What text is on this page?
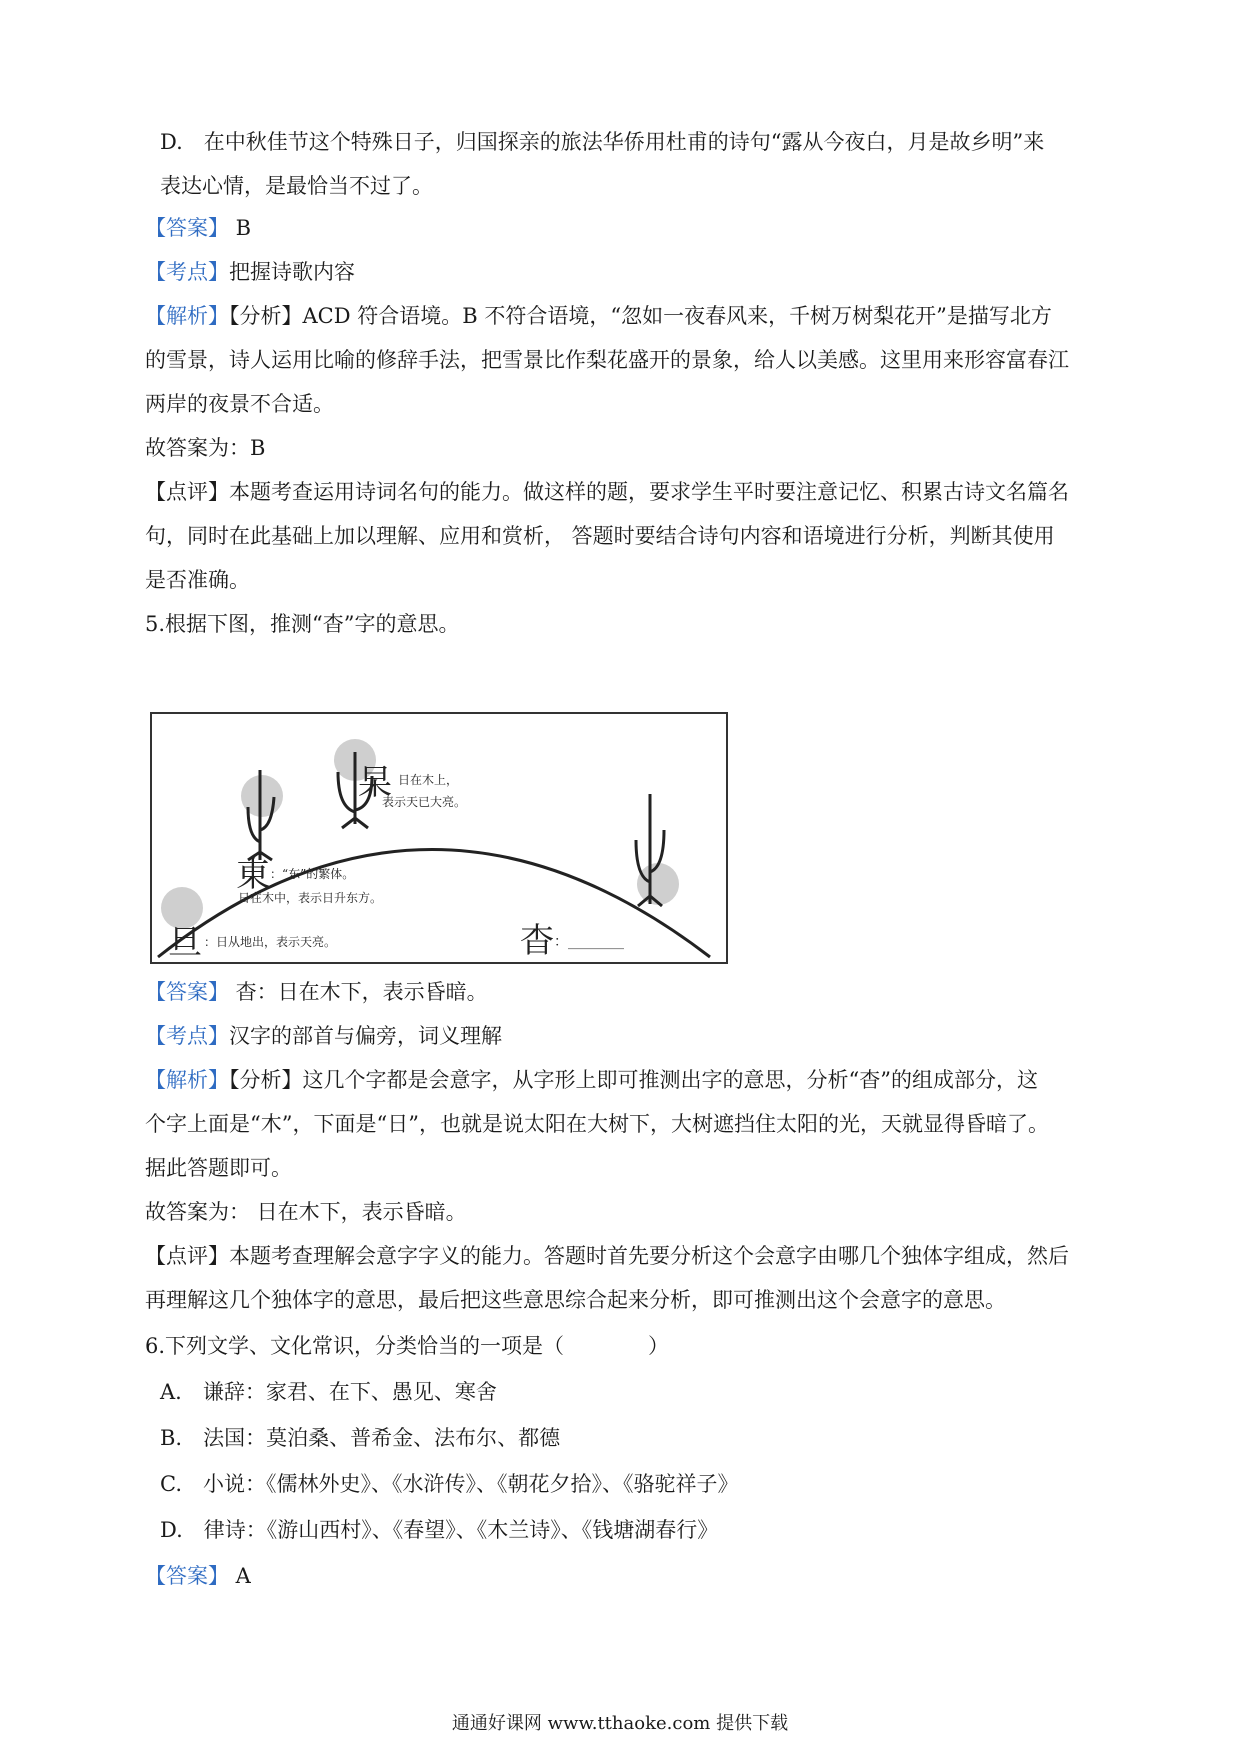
D.　在中秋佳节这个特殊日子，归国探亲的旅法华侨用杜甫的诗句“露从今夜白，月是故乡明”来
表达心情，是最恰当不过了。
【答案】 B
【考点】把握诗歌内容
【解析】【分析】ACD 符合语境。B 不符合语境，“忽如一夜春风来，千树万树梨花开”是描写北方
的雪景，诗人运用比喻的修辞手法，把雪景比作梨花盛开的景象，给人以美感。这里用来形容富春江
两岸的夜景不合适。
故答案为：B
【点评】本题考查运用诗词名句的能力。做这样的题，要求学生平时要注意记忆、积累古诗文名篇名
句，同时在此基础上加以理解、应用和赏析， 答题时要结合诗句内容和语境进行分析，判断其使用
是否准确。
5.根据下图，推测“杳”字的意思。
杲 日在木上，
表示天已大亮。
東 ：“东”的繁体。
日在木中，表示日升东方。
旦 ：日从地出，表示天亮。	杳 ：________
【答案】 杳：日在木下，表示昏暗。
【考点】汉字的部首与偏旁，词义理解
【解析】【分析】这几个字都是会意字，从字形上即可推测出字的意思，分析“杳”的组成部分，这
个字上面是“木”，下面是“日”，也就是说太阳在大树下，大树遮挡住太阳的光，天就显得昏暗了。
据此答题即可。
故答案为： 日在木下，表示昏暗。
【点评】本题考查理解会意字字义的能力。答题时首先要分析这个会意字由哪几个独体字组成，然后
再理解这几个独体字的意思，最后把这些意思综合起来分析，即可推测出这个会意字的意思。
6.下列文学、文化常识，分类恰当的一项是（　　　　）
A.　谦辞：家君、在下、愚见、寒舍
B.　法国：莫泊桑、普希金、法布尔、都德
C.　小说：《儒林外史》、《水浒传》、《朝花夕拾》、《骆驼祥子》
D.　律诗：《游山西村》、《春望》、《木兰诗》、《钱塘湖春行》
【答案】 A
通通好课网 www.tthaoke.com 提供下载
